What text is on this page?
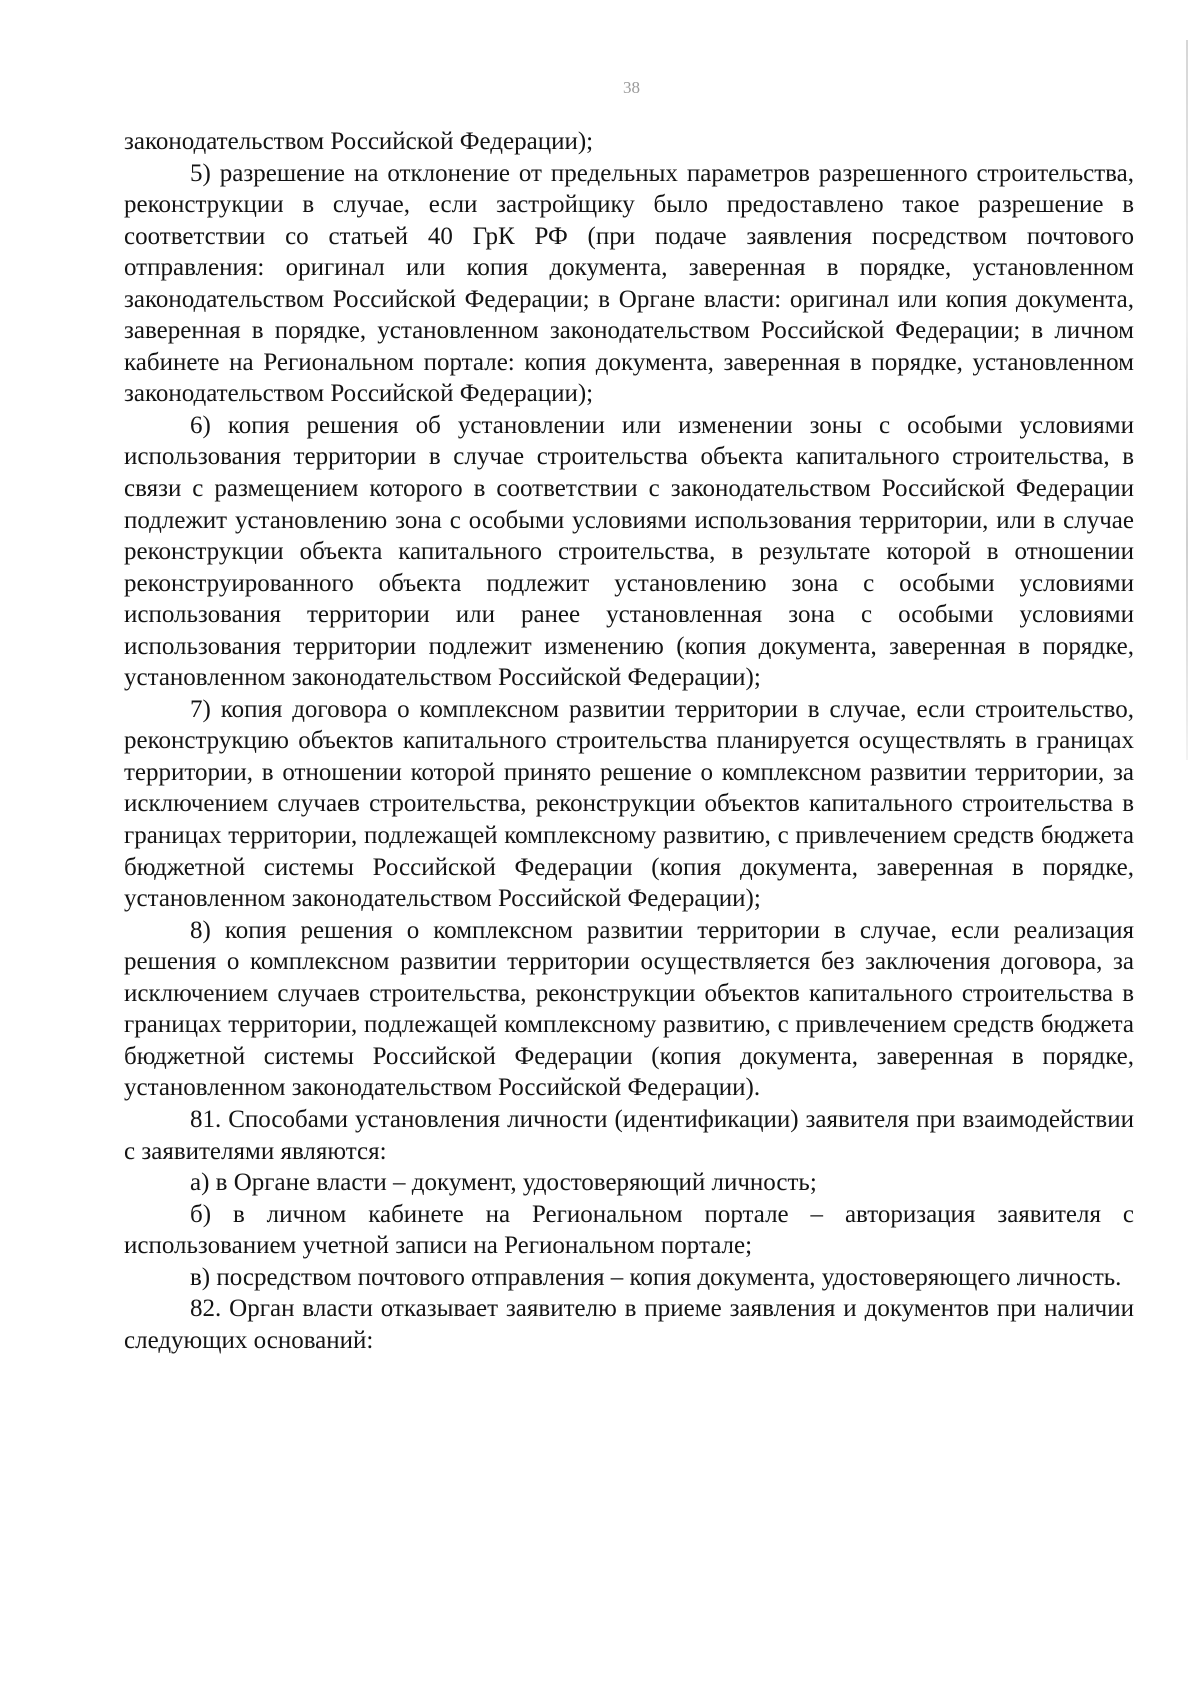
38

законодательством Российской Федерации);

5) разрешение на отклонение от предельных параметров разрешенного строительства, реконструкции в случае, если застройщику было предоставлено такое разрешение в соответствии со статьей 40 ГрК РФ (при подаче заявления посредством почтового отправления: оригинал или копия документа, заверенная в порядке, установленном законодательством Российской Федерации; в Органе власти: оригинал или копия документа, заверенная в порядке, установленном законодательством Российской Федерации; в личном кабинете на Региональном портале: копия документа, заверенная в порядке, установленном законодательством Российской Федерации);

6) копия решения об установлении или изменении зоны с особыми условиями использования территории в случае строительства объекта капитального строительства, в связи с размещением которого в соответствии с законодательством Российской Федерации подлежит установлению зона с особыми условиями использования территории, или в случае реконструкции объекта капитального строительства, в результате которой в отношении реконструированного объекта подлежит установлению зона с особыми условиями использования территории или ранее установленная зона с особыми условиями использования территории подлежит изменению (копия документа, заверенная в порядке, установленном законодательством Российской Федерации);

7) копия договора о комплексном развитии территории в случае, если строительство, реконструкцию объектов капитального строительства планируется осуществлять в границах территории, в отношении которой принято решение о комплексном развитии территории, за исключением случаев строительства, реконструкции объектов капитального строительства в границах территории, подлежащей комплексному развитию, с привлечением средств бюджета бюджетной системы Российской Федерации (копия документа, заверенная в порядке, установленном законодательством Российской Федерации);

8) копия решения о комплексном развитии территории в случае, если реализация решения о комплексном развитии территории осуществляется без заключения договора, за исключением случаев строительства, реконструкции объектов капитального строительства в границах территории, подлежащей комплексному развитию, с привлечением средств бюджета бюджетной системы Российской Федерации (копия документа, заверенная в порядке, установленном законодательством Российской Федерации).

81. Способами установления личности (идентификации) заявителя при взаимодействии с заявителями являются:

а) в Органе власти – документ, удостоверяющий личность;

б) в личном кабинете на Региональном портале – авторизация заявителя с использованием учетной записи на Региональном портале;

в) посредством почтового отправления – копия документа, удостоверяющего личность.

82. Орган власти отказывает заявителю в приеме заявления и документов при наличии следующих оснований:
